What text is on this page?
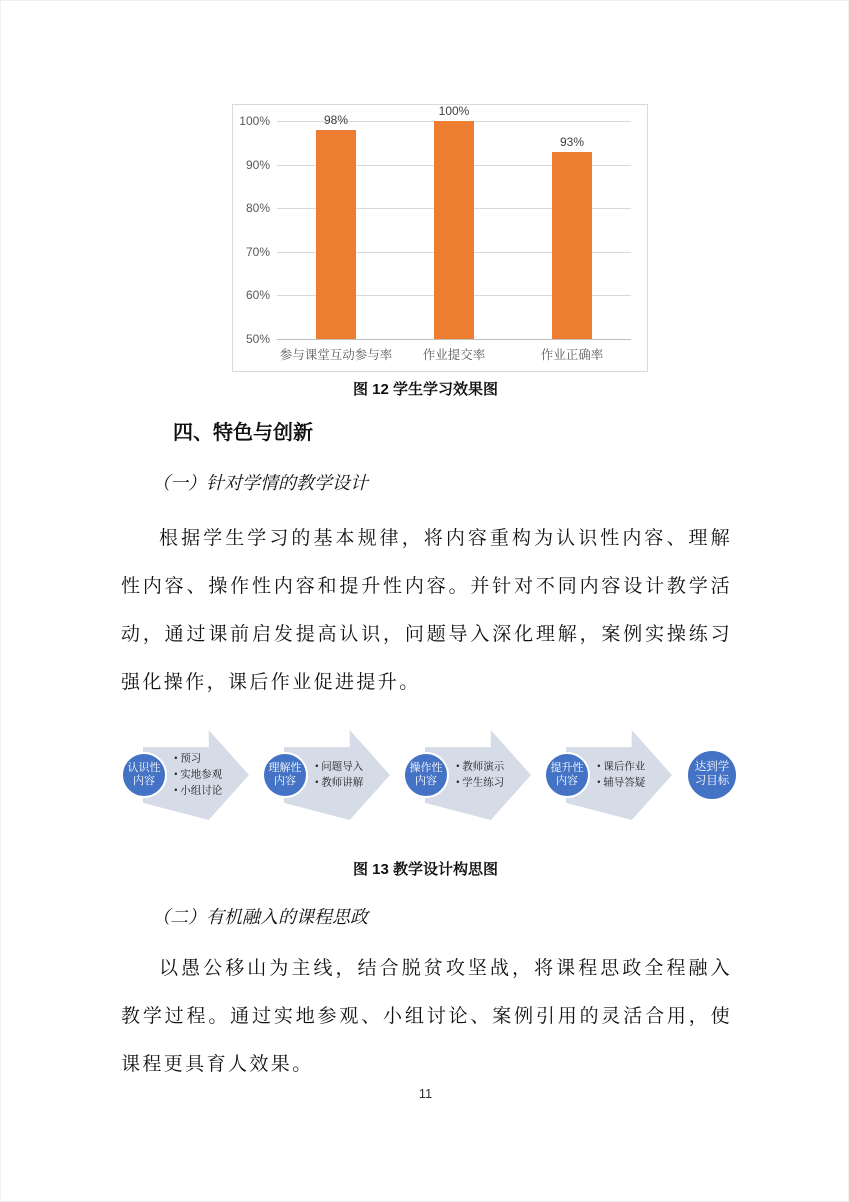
50%
60%
70%
80%
90%
100%	98%
参与课堂互动参与率
100%
作业提交率
93%
作业正确率
图 12 学生学习效果图
四、特色与创新
（一）针对学情的教学设计

根据学生学习的基本规律，将内容重构为认识性内容、理解性内容、操作性内容和提升性内容。并针对不同内容设计教学活动，通过课前启发提高认识，问题导入深化理解，案例实操练习强化操作，课后作业促进提升。

• 预习
• 实地参观
• 小组讨论
认识性
内容
• 问题导入
• 教师讲解
理解性
内容
• 教师演示
• 学生练习
操作性
内容
• 课后作业
• 辅导答疑
提升性
内容
达到学
习目标
图 13 教学设计构思图
（二）有机融入的课程思政

以愚公移山为主线，结合脱贫攻坚战，将课程思政全程融入教学过程。通过实地参观、小组讨论、案例引用的灵活合用，使课程更具育人效果。

11
